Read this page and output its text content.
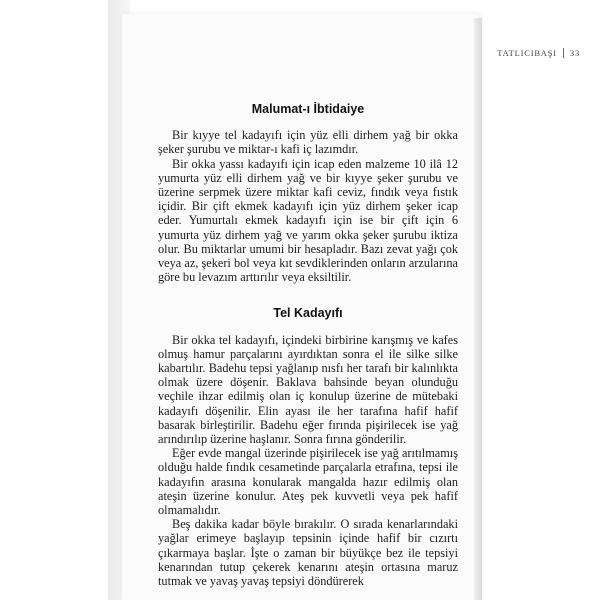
TATLICIBAŞI 33
Malumat-ı İbtidaiye

Bir kıyye tel kadayıfı için yüz elli dirhem yağ bir okka şeker şurubu ve miktar-ı kafi iç lazımdır.

Bir okka yassı kadayıfı için icap eden malzeme 10 ilâ 12 yumurta yüz elli dirhem yağ ve bir kıyye şeker şurubu ve üzerine serpmek üzere miktar kafi ceviz, fındık veya fıstık içidir. Bir çift ekmek kadayıfı için yüz dirhem şeker icap eder. Yumurtalı ekmek kadayıfı için ise bir çift için 6 yumurta yüz dirhem yağ ve yarım okka şeker şurubu iktiza olur. Bu miktarlar umumi bir hesapladır. Bazı zevat yağı çok veya az, şekeri bol veya kıt sevdiklerinden onların arzularına göre bu levazım arttırılır veya eksiltilir.

Tel Kadayıfı

Bir okka tel kadayıfı, içindeki birbirine karışmış ve kafes olmuş hamur parçalarını ayırdıktan sonra el ile silke silke kabartılır. Badehu tepsi yağlanıp nısfı her tarafı bir kalınlıkta olmak üzere döşenir. Baklava bahsinde beyan olunduğu veçhile ihzar edilmiş olan iç konulup üzerine de mütebaki kadayıfı döşenilir. Elin ayası ile her tarafına hafif hafif basarak birleştirilir. Badehu eğer fırında pişirilecek ise yağ arındırılıp üzerine haşlanır. Sonra fırına gönderilir.

Eğer evde mangal üzerinde pişirilecek ise yağ arıtılmamış olduğu halde fındık cesametinde parçalarla etrafına, tepsi ile kadayıfın arasına konularak mangalda hazır edilmiş olan ateşin üzerine konulur. Ateş pek kuvvetli veya pek hafif olmamalıdır.

Beş dakika kadar böyle bırakılır. O sırada kenarlarındaki yağlar erimeye başlayıp tepsinin içinde hafif bir cızırtı çıkarmaya başlar. İşte o zaman bir büyükçe bez ile tepsiyi kenarından tutup çekerek kenarını ateşin ortasına maruz tutmak ve yavaş yavaş tepsiyi döndürerek
